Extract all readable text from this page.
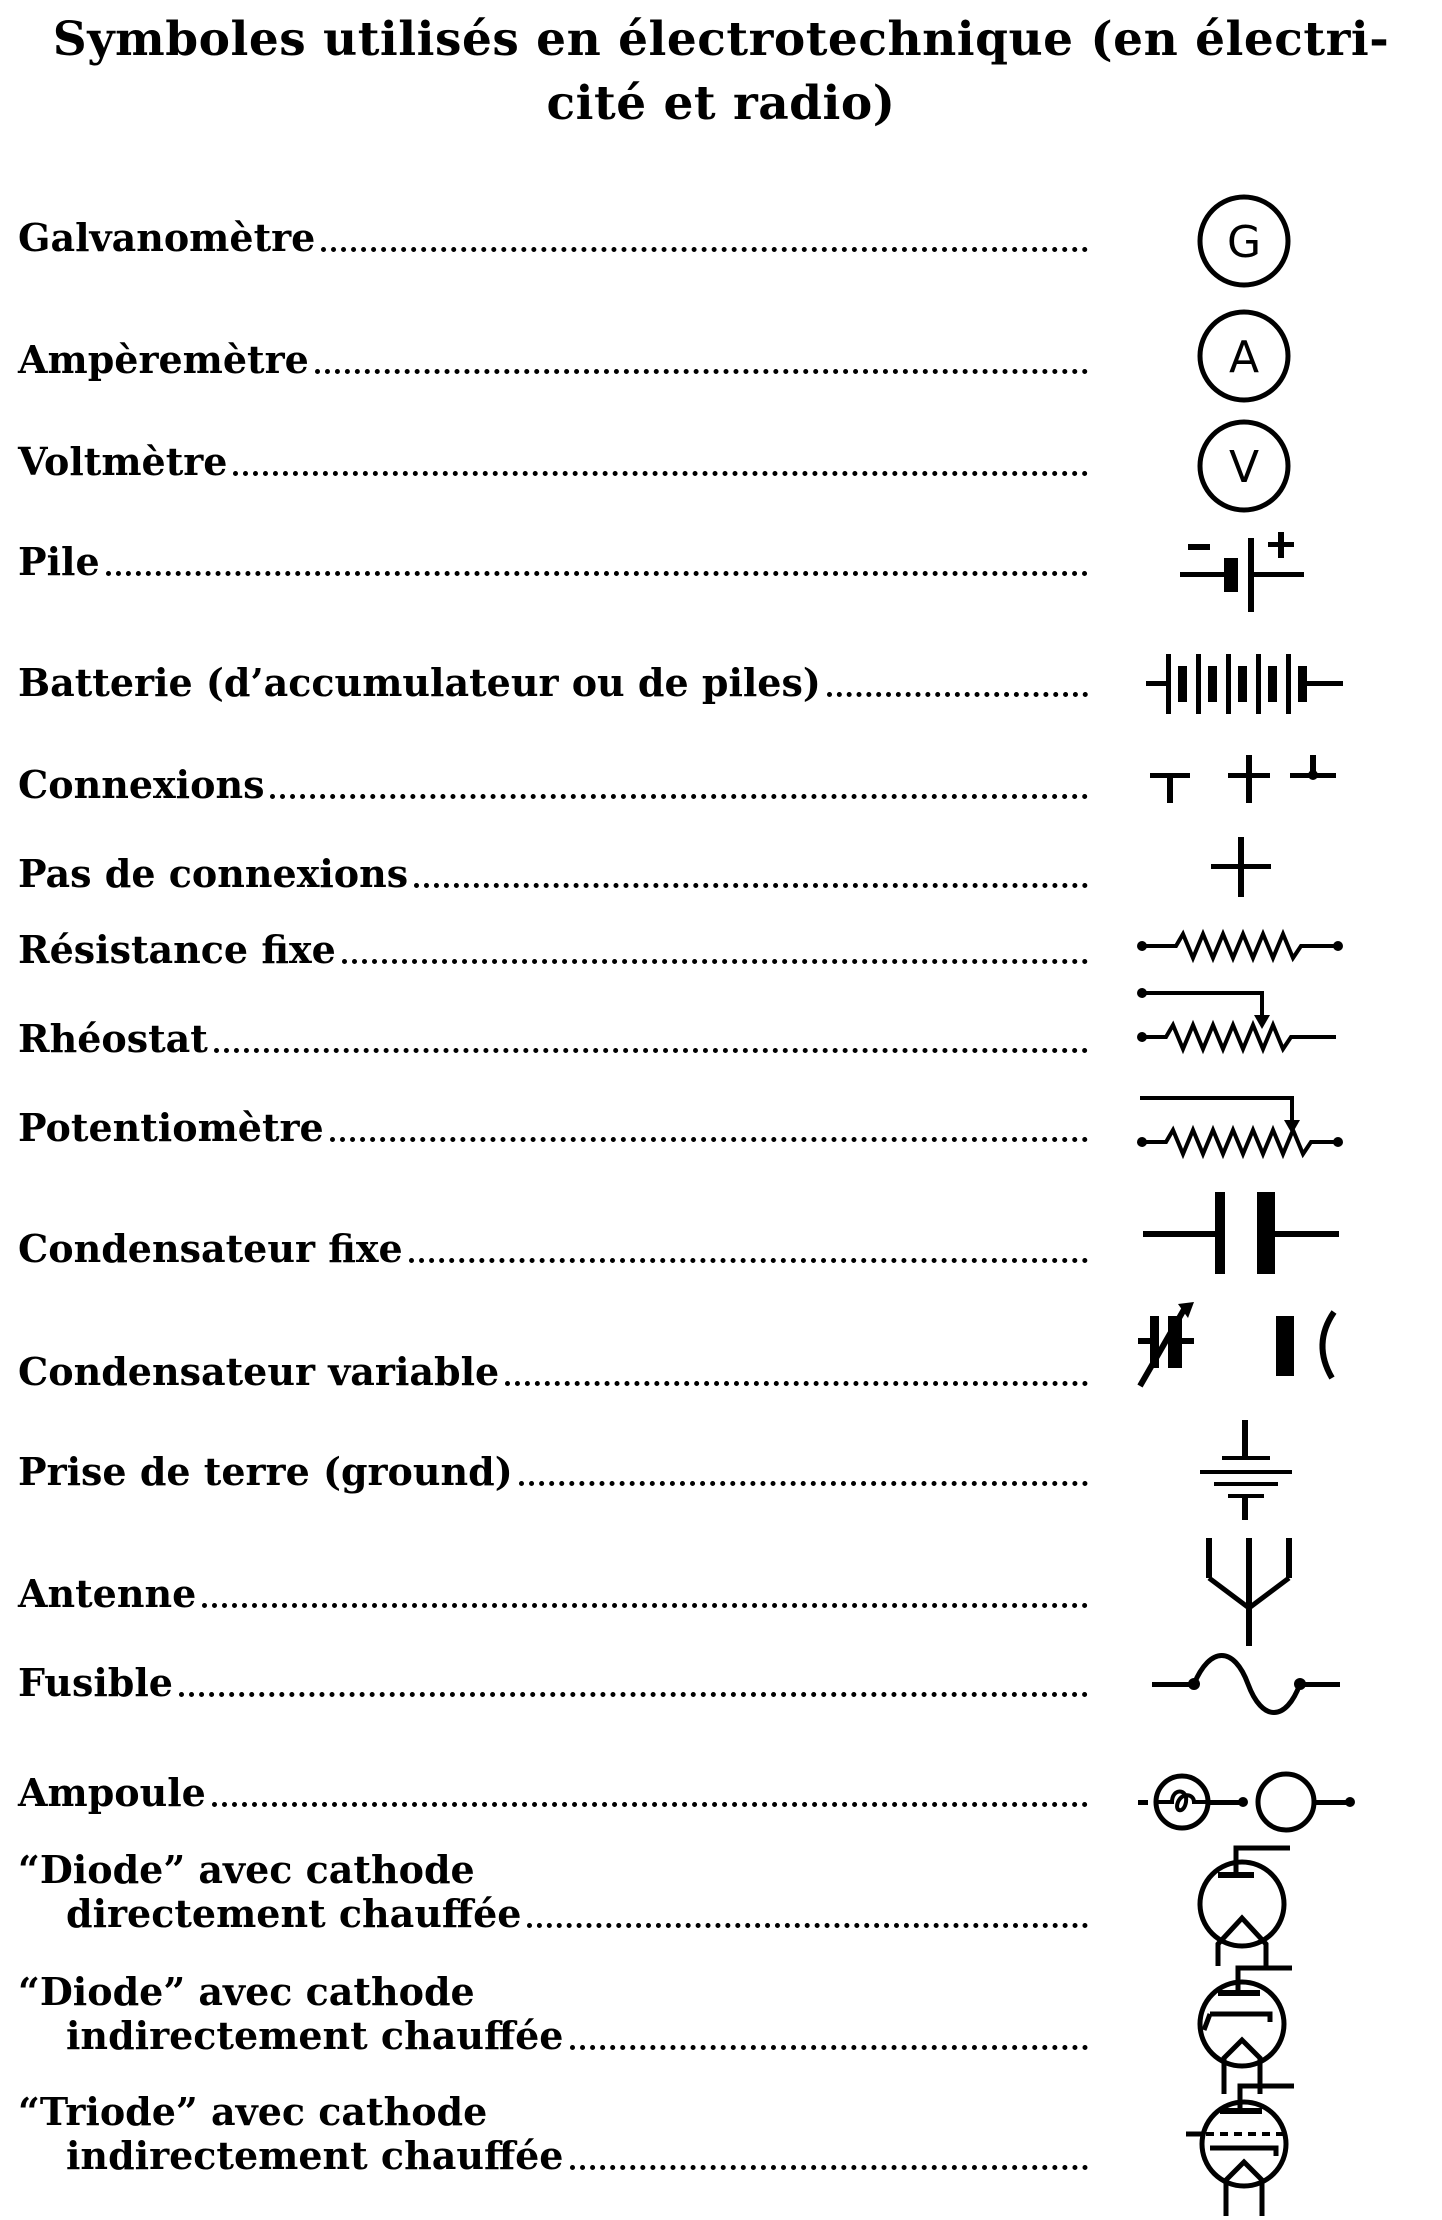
Symboles utilisés en électrotechnique (en électri-
cité et radio)
Galvanomètre
Ampèremètre
Voltmètre
Pile
Batterie (d’accumulateur ou de piles)
Connexions
Pas de connexions
Résistance fixe
Rhéostat
Potentiomètre
Condensateur fixe
Condensateur variable
Prise de terre (ground)
Antenne
Fusible
Ampoule
“Diode” avec cathode
directement chauffée
“Diode” avec cathode
indirectement chauffée
“Triode” avec cathode
indirectement chauffée
G
A
V
